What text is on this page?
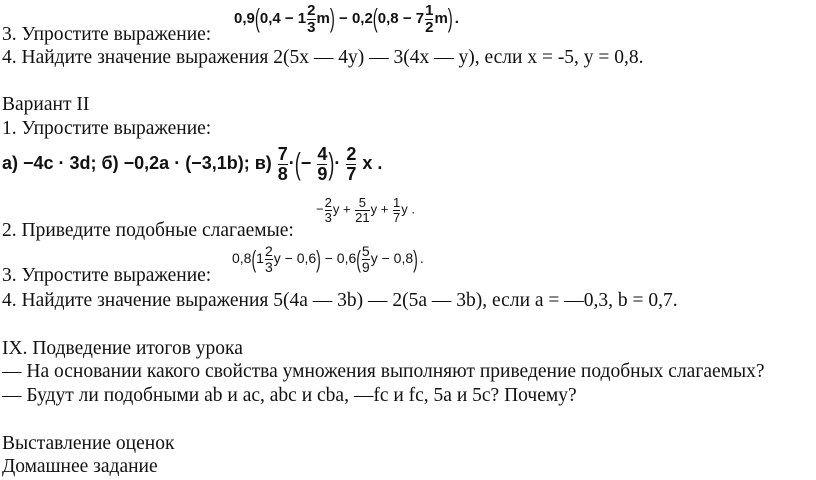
3. Упростите выражение:
4. Найдите значение выражения 2(5x — 4y) — 3(4x — y), если x = -5, y = 0,8.
Вариант II
1. Упростите выражение:
2. Приведите подобные слагаемые:
3. Упростите выражение:
4. Найдите значение выражения 5(4a — 3b) — 2(5a — 3b), если a = —0,3, b = 0,7.
IX. Подведение итогов урока
— На основании какого свойства умножения выполняют приведение подобных слагаемых?
— Будут ли подобными ab и ac, abc и cba, —fc и fc, 5a и 5c? Почему?
Выставление оценок
Домашнее задание
$0,9(0,4 - 1 \frac{2}{3} m) - 0,2(0,8 - 7 \frac{1}{2} m)$ .
а) −4c · 3d; б) −0,2a · (−3,1b); $в) \frac{7}{8}$ ·(− $\frac{4}{9}$ )· $\frac{2}{7}$ x .
− $\frac{2}{3}$ $y + \frac{5}{21}$ $y + \frac{1}{7}$ y .
$0,8(1 \frac{2}{3}$ $y - 0,6) - 0,6( \frac{5}{9}$ y − 0,8) .
